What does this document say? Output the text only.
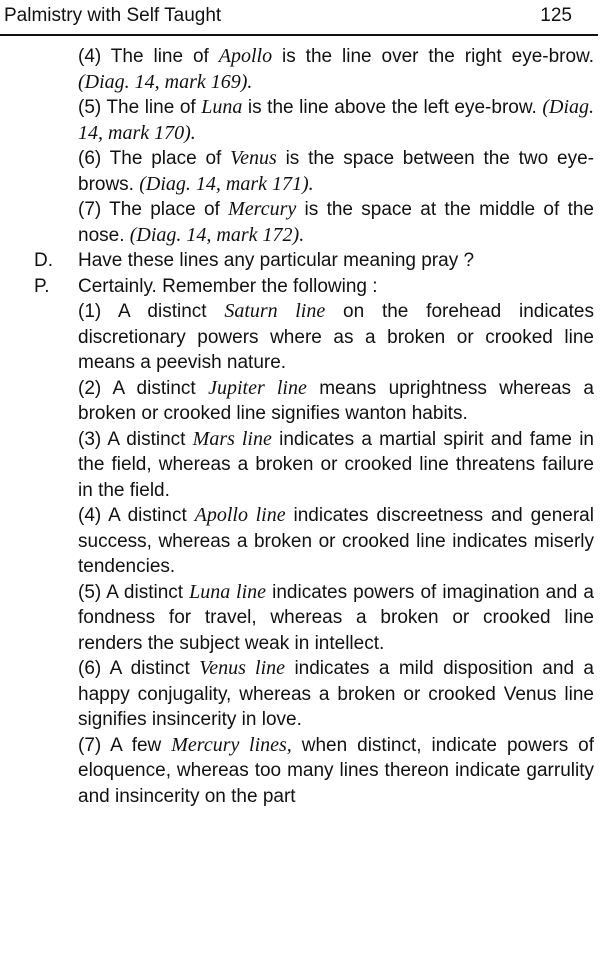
Palmistry with Self Taught	125

(4) The line of Apollo is the line over the right eye-brow. (Diag. 14, mark 169).

(5) The line of Luna is the line above the left eye-brow. (Diag. 14, mark 170).

(6) The place of Venus is the space between the two eye-brows. (Diag. 14, mark 171).

(7) The place of Mercury is the space at the middle of the nose. (Diag. 14, mark 172).

D. Have these lines any particular meaning pray ?

P. Certainly. Remember the following :

(1) A distinct Saturn line on the forehead indicates discretionary powers where as a broken or crooked line means a peevish nature.

(2) A distinct Jupiter line means uprightness whereas a broken or crooked line signifies wanton habits.

(3) A distinct Mars line indicates a martial spirit and fame in the field, whereas a broken or crooked line threatens failure in the field.

(4) A distinct Apollo line indicates discreetness and general success, whereas a broken or crooked line indicates miserly tendencies.

(5) A distinct Luna line indicates powers of imagination and a fondness for travel, whereas a broken or crooked line renders the subject weak in intellect.

(6) A distinct Venus line indicates a mild disposition and a happy conjugality, whereas a broken or crooked Venus line signifies insincerity in love.

(7) A few Mercury lines, when distinct, indicate powers of eloquence, whereas too many lines thereon indicate garrulity and insincerity on the part
